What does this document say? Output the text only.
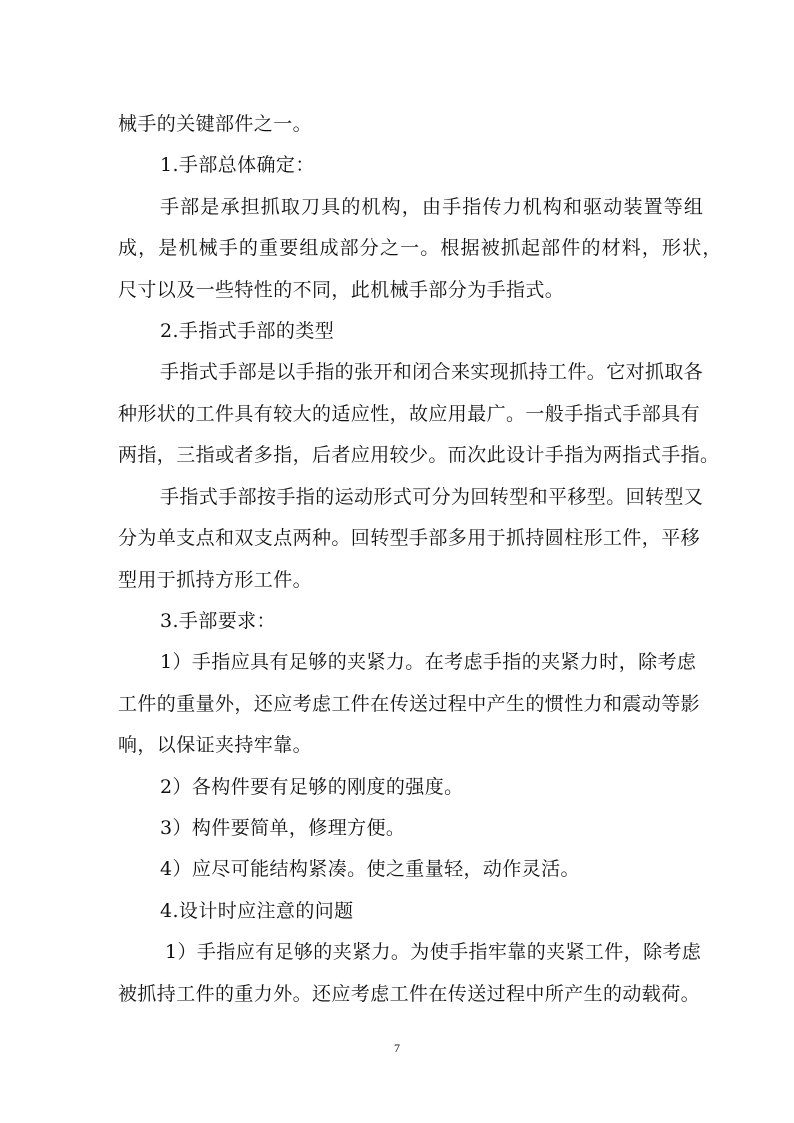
械手的关键部件之一。
1.手部总体确定：
手部是承担抓取刀具的机构，由手指传力机构和驱动装置等组
成，是机械手的重要组成部分之一。根据被抓起部件的材料，形状，
尺寸以及一些特性的不同，此机械手部分为手指式。
2.手指式手部的类型
手指式手部是以手指的张开和闭合来实现抓持工件。它对抓取各
种形状的工件具有较大的适应性，故应用最广。一般手指式手部具有
两指，三指或者多指，后者应用较少。而次此设计手指为两指式手指。
手指式手部按手指的运动形式可分为回转型和平移型。回转型又
分为单支点和双支点两种。回转型手部多用于抓持圆柱形工件，平移
型用于抓持方形工件。
3.手部要求：
1）手指应具有足够的夹紧力。在考虑手指的夹紧力时，除考虑
工件的重量外，还应考虑工件在传送过程中产生的惯性力和震动等影
响，以保证夹持牢靠。
2）各构件要有足够的刚度的强度。
3）构件要简单，修理方便。
4）应尽可能结构紧凑。使之重量轻，动作灵活。
4.设计时应注意的问题
1）手指应有足够的夹紧力。为使手指牢靠的夹紧工件，除考虑
被抓持工件的重力外。还应考虑工件在传送过程中所产生的动载荷。
7
